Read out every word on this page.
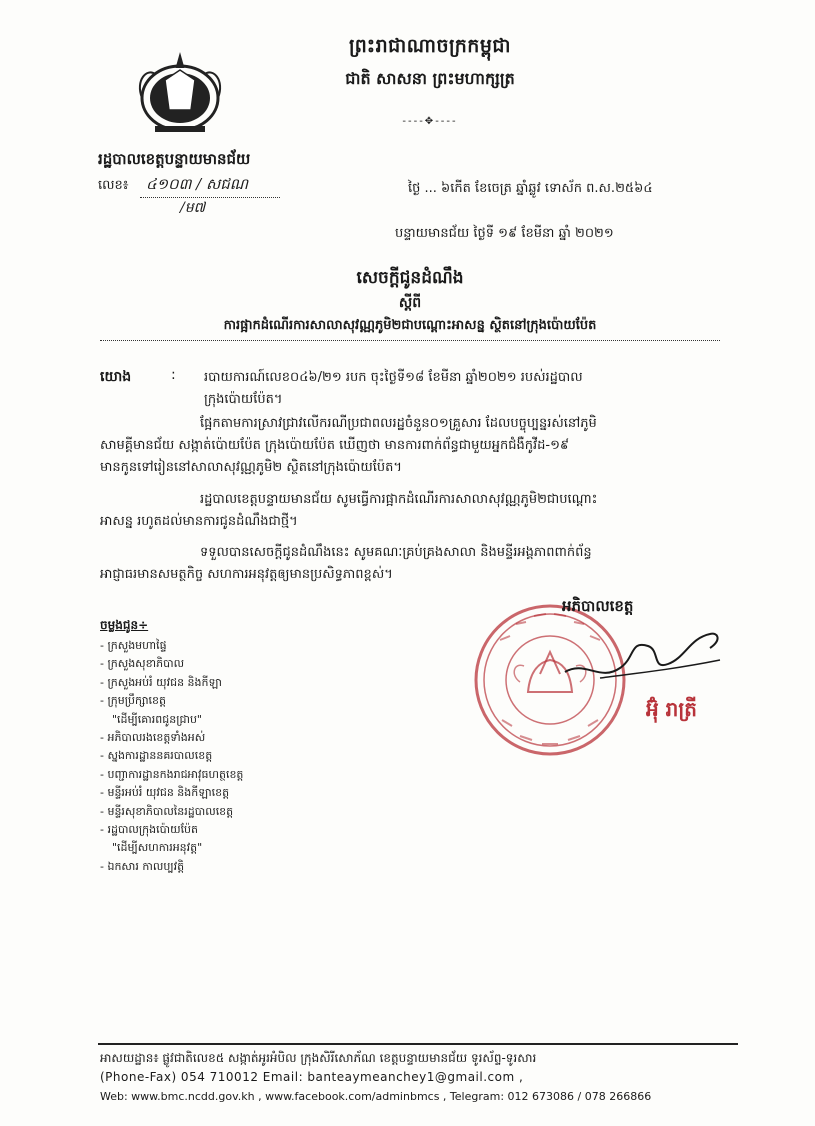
ព្រះរាជាណាចក្រកម្ពុជា
ជាតិ សាសនា ព្រះមហាក្សត្រ
----✥----
រដ្ឋបាលខេត្តបន្ទាយមានជ័យ
លេខ៖ ៤១០៣ / សជណ
/ម៧
ថ្ងៃ ... ៦កើត ខែចេត្រ ឆ្នាំឆ្លូវ ទោស័ក ព.ស.២៥៦៤
បន្ទាយមានជ័យ ថ្ងៃទី ១៩ ខែមីនា ឆ្នាំ ២០២១
សេចក្ដីជូនដំណឹង
ស្ដីពី
ការផ្អាកដំណើរការសាលាសុវណ្ណភូមិ២ជាបណ្ដោះអាសន្ន ស្ថិតនៅក្រុងប៉ោយប៉ែត
យោង	:	របាយការណ៍លេខ០៤៦/២១ របក ចុះថ្ងៃទី១៨ ខែមីនា ឆ្នាំ២០២១ របស់រដ្ឋបាល
ក្រុងប៉ោយប៉ែត។
ផ្អែកតាមការស្រាវជ្រាវលើករណីប្រជាពលរដ្ឋចំនួន០១គ្រួសារ ដែលបច្ចុប្បន្នរស់នៅភូមិ
សាមគ្គីមានជ័យ សង្កាត់ប៉ោយប៉ែត ក្រុងប៉ោយប៉ែត ឃើញថា មានការពាក់ព័ន្ធជាមួយអ្នកជំងឺកូវីដ-១៩
មានកូនទៅរៀននៅសាលាសុវណ្ណភូមិ២ ស្ថិតនៅក្រុងប៉ោយប៉ែត។
រដ្ឋបាលខេត្តបន្ទាយមានជ័យ សូមធ្វើការផ្អាកដំណើរការសាលាសុវណ្ណភូមិ២ជាបណ្ដោះ
អាសន្ន រហូតដល់មានការជូនដំណឹងជាថ្មី។
ទទួលបានសេចក្ដីជូនដំណឹងនេះ សូមគណៈគ្រប់គ្រងសាលា និងមន្ទីរអង្គភាពពាក់ព័ន្ធ
អាជ្ញាធរមានសមត្ថកិច្ច សហការអនុវត្តឲ្យមានប្រសិទ្ធភាពខ្ពស់។
ចម្លងជូន÷
- ក្រសួងមហាផ្ទៃ
- ក្រសួងសុខាភិបាល
- ក្រសួងអប់រំ យុវជន និងកីឡា
- ក្រុមប្រឹក្សាខេត្ត
"ដើម្បីគោរពជូនជ្រាប"
- អភិបាលរងខេត្តទាំងអស់
- ស្នងការដ្ឋាននគរបាលខេត្ត
- បញ្ជាការដ្ឋានកងរាជអាវុធហត្ថខេត្ត
- មន្ទីរអប់រំ យុវជន និងកីឡាខេត្ត
- មន្ទីរសុខាភិបាលនៃរដ្ឋបាលខេត្ត
- រដ្ឋបាលក្រុងប៉ោយប៉ែត
"ដើម្បីសហការអនុវត្ត"
- ឯកសារ កាលប្បវត្តិ
អភិបាលខេត្ត
អ៊ុំ រាត្រី
អាសយដ្ឋាន៖ ផ្លូវជាតិលេខ៥ សង្កាត់អូរអំបិល ក្រុងសិរីសោភ័ណ ខេត្តបន្ទាយមានជ័យ ទូរស័ព្ទ-ទូរសារ
(Phone-Fax) 054 710012 Email: banteaymeanchey1@gmail.com ,
Web: www.bmc.ncdd.gov.kh , www.facebook.com/adminbmcs , Telegram: 012 673086 / 078 266866
